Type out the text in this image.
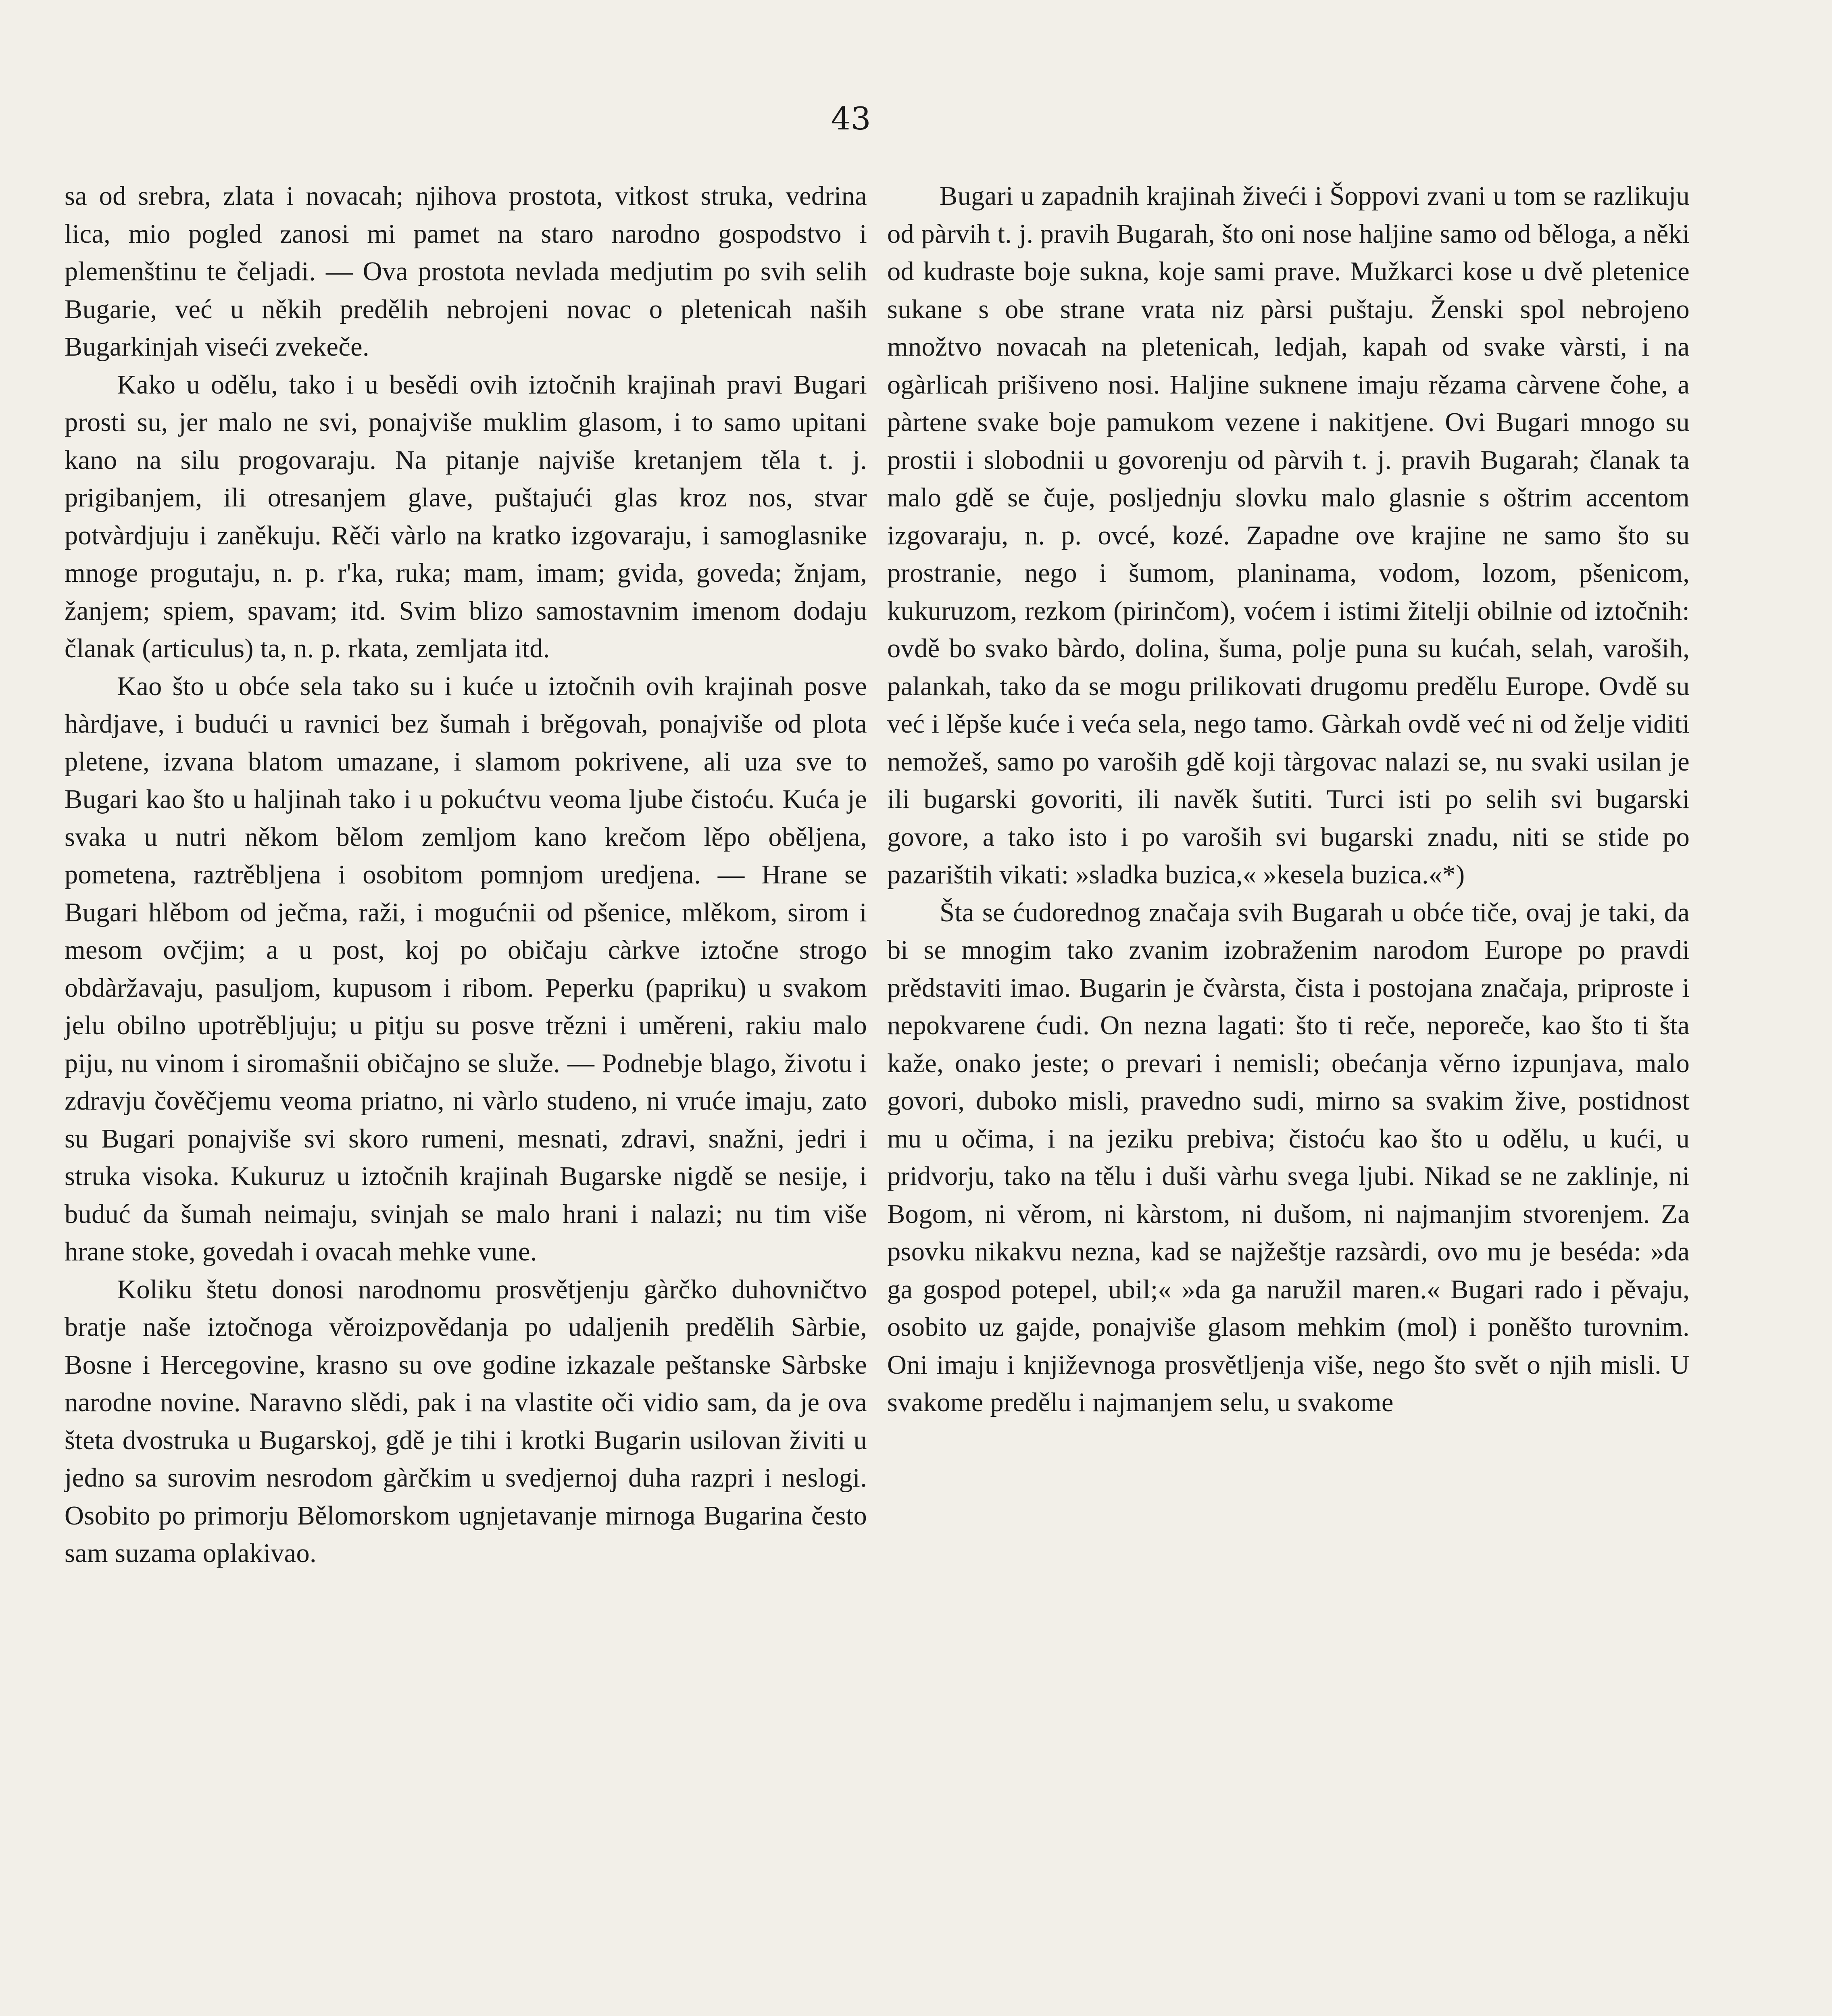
43

sa od srebra, zlata i novacah; njihova prostota, vitkost struka, vedrina lica, mio pogled zanosi mi pamet na staro narodno gospodstvo i plemenštinu te čeljadi. — Ova prostota nevlada medjutim po svih selih Bugarie, već u někih predělih nebrojeni novac o pletenicah naših Bugarkinjah viseći zvekeče.

Kako u odělu, tako i u besědi ovih iztočnih krajinah pravi Bugari prosti su, jer malo ne svi, ponajviše muklim glasom, i to samo upitani kano na silu progovaraju. Na pitanje najviše kretanjem těla t. j. prigibanjem, ili otresanjem glave, puštajući glas kroz nos, stvar potvàrdjuju i zaněkuju. Rěči vàrlo na kratko izgovaraju, i samoglasnike mnoge progutaju, n. p. r'ka, ruka; mam, imam; gvida, goveda; žnjam, žanjem; spiem, spavam; itd. Svim blizo samostavnim imenom dodaju članak (articulus) ta, n. p. rkata, zemljata itd.

Kao što u obće sela tako su i kuće u iztočnih ovih krajinah posve hàrdjave, i budući u ravnici bez šumah i brěgovah, ponajviše od plota pletene, izvana blatom umazane, i slamom pokrivene, ali uza sve to Bugari kao što u haljinah tako i u pokućtvu veoma ljube čistoću. Kuća je svaka u nutri někom bělom zemljom kano krečom lěpo oběljena, pometena, raztrěbljena i osobitom pomnjom uredjena. — Hrane se Bugari hlěbom od ječma, raži, i mogućnii od pšenice, mlěkom, sirom i mesom ovčjim; a u post, koj po običaju càrkve iztočne strogo obdàržavaju, pasuljom, kupusom i ribom. Peperku (papriku) u svakom jelu obilno upotrěbljuju; u pitju su posve trězni i uměreni, rakiu malo piju, nu vinom i siromašnii običajno se služe. — Podnebje blago, životu i zdravju čověčjemu veoma priatno, ni vàrlo studeno, ni vruće imaju, zato su Bugari ponajviše svi skoro rumeni, mesnati, zdravi, snažni, jedri i struka visoka. Kukuruz u iztočnih krajinah Bugarske nigdě se nesije, i buduć da šumah neimaju, svinjah se malo hrani i nalazi; nu tim više hrane stoke, govedah i ovacah mehke vune.

Koliku štetu donosi narodnomu prosvětjenju gàrčko duhovničtvo bratje naše iztočnoga věroizpovědanja po udaljenih predělih Sàrbie, Bosne i Hercegovine, krasno su ove godine izkazale peštanske Sàrbske narodne novine. Naravno slědi, pak i na vlastite oči vidio sam, da je ova šteta dvostruka u Bugarskoj, gdě je tihi i krotki Bugarin usilovan živiti u jedno sa surovim nesrodom gàrčkim u svedjernoj duha razpri i neslogi. Osobito po primorju Bělomorskom ugnjetavanje mirnoga Bugarina često sam suzama oplakivao.

Bugari u zapadnih krajinah živeći i Šoppovi zvani u tom se razlikuju od pàrvih t. j. pravih Bugarah, što oni nose haljine samo od běloga, a něki od kudraste boje sukna, koje sami prave. Mužkarci kose u dvě pletenice sukane s obe strane vrata niz pàrsi puštaju. Ženski spol nebrojeno množtvo novacah na pletenicah, ledjah, kapah od svake vàrsti, i na ogàrlicah prišiveno nosi. Haljine suknene imaju rězama càrvene čohe, a pàrtene svake boje pamukom vezene i nakitjene. Ovi Bugari mnogo su prostii i slobodnii u govorenju od pàrvih t. j. pravih Bugarah; članak ta malo gdě se čuje, posljednju slovku malo glasnie s oštrim accentom izgovaraju, n. p. ovcé, kozé. Zapadne ove krajine ne samo što su prostranie, nego i šumom, planinama, vodom, lozom, pšenicom, kukuruzom, rezkom (pirinčom), voćem i istimi žitelji obilnie od iztočnih: ovdě bo svako bàrdo, dolina, šuma, polje puna su kućah, selah, varoših, palankah, tako da se mogu prilikovati drugomu predělu Europe. Ovdě su već i lěpše kuće i veća sela, nego tamo. Gàrkah ovdě već ni od želje viditi nemožeš, samo po varoših gdě koji tàrgovac nalazi se, nu svaki usilan je ili bugarski govoriti, ili navěk šutiti. Turci isti po selih svi bugarski govore, a tako isto i po varoših svi bugarski znadu, niti se stide po pazarištih vikati: »sladka buzica,« »kesela buzica.«*)

Šta se ćudorednog značaja svih Bugarah u obće tiče, ovaj je taki, da bi se mnogim tako zvanim izobraženim narodom Europe po pravdi prědstaviti imao. Bugarin je čvàrsta, čista i postojana značaja, priproste i nepokvarene ćudi. On nezna lagati: što ti reče, neporeče, kao što ti šta kaže, onako jeste; o prevari i nemisli; obećanja věrno izpunjava, malo govori, duboko misli, pravedno sudi, mirno sa svakim žive, postidnost mu u očima, i na jeziku prebiva; čistoću kao što u odělu, u kući, u pridvorju, tako na tělu i duši vàrhu svega ljubi. Nikad se ne zaklinje, ni Bogom, ni věrom, ni kàrstom, ni dušom, ni najmanjim stvorenjem. Za psovku nikakvu nezna, kad se najžeštje razsàrdi, ovo mu je beséda: »da ga gospod potepel, ubil;« »da ga naružil maren.« Bugari rado i pěvaju, osobito uz gajde, ponajviše glasom mehkim (mol) i poněšto turovnim. Oni imaju i književnoga prosvětljenja više, nego što svět o njih misli. U svakome predělu i najmanjem selu, u svakome
